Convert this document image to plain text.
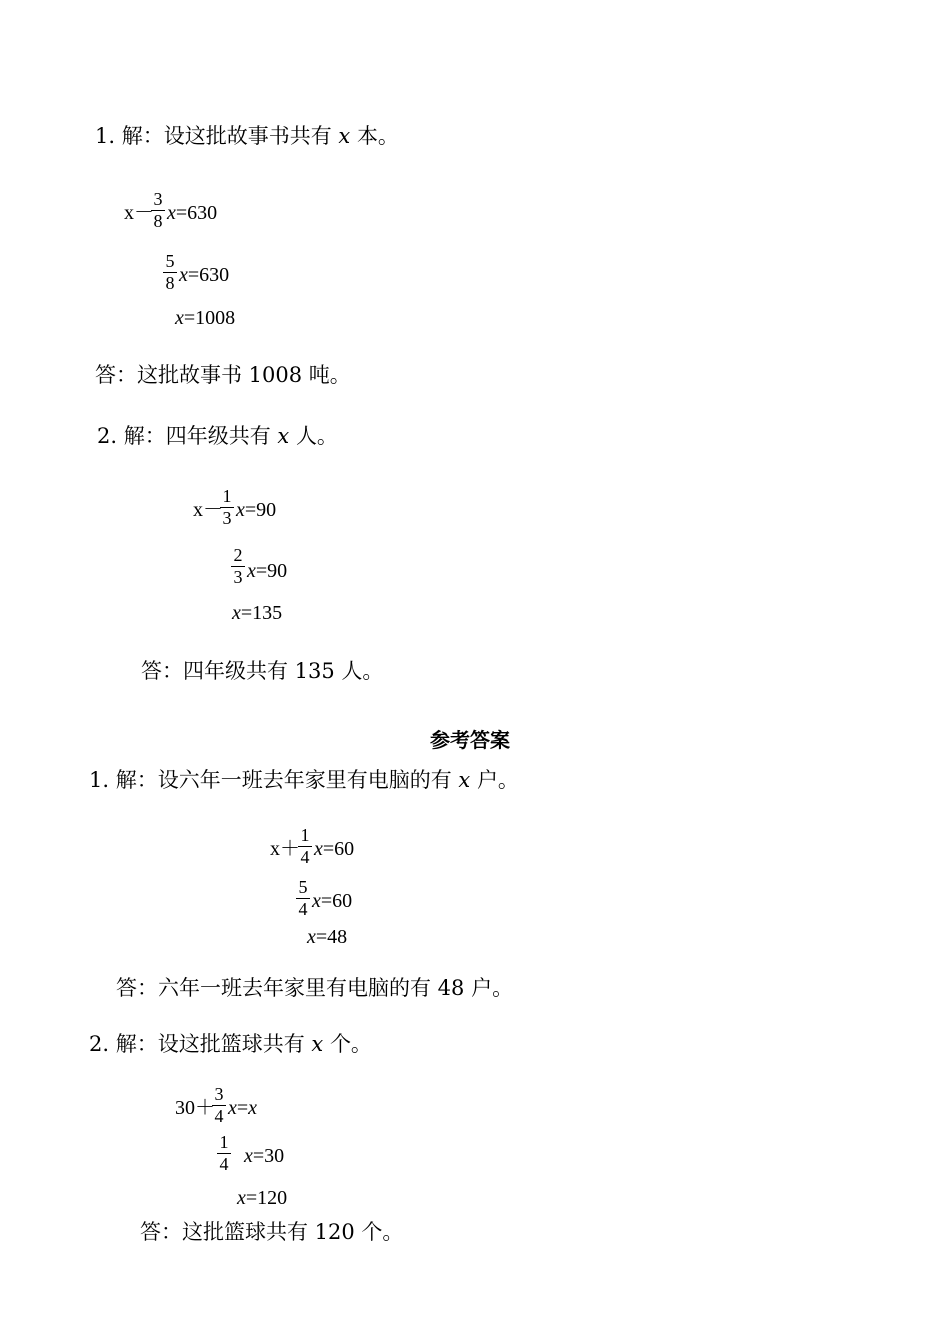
1. 解：设这批故事书共有 x 本。
x－
$\frac{3}{8} x=630$
$\frac{5}{8} x=630$
x=1008
答：这批故事书 1008 吨。
2. 解：四年级共有 x 人。
x－
$\frac{1}{3} x=90$
$\frac{2}{3} x=90$
x=135
答：四年级共有 135 人。
参考答案
1. 解：设六年一班去年家里有电脑的有 x 户。
x＋
$\frac{1}{4} x=60$
$\frac{5}{4} x=60$
x=48
答：六年一班去年家里有电脑的有 48 户。
2. 解：设这批篮球共有 x 个。
30＋
$\frac{3}{4} x=x$
$\frac{1}{4} x=30$
x=120
答：这批篮球共有 120 个。
